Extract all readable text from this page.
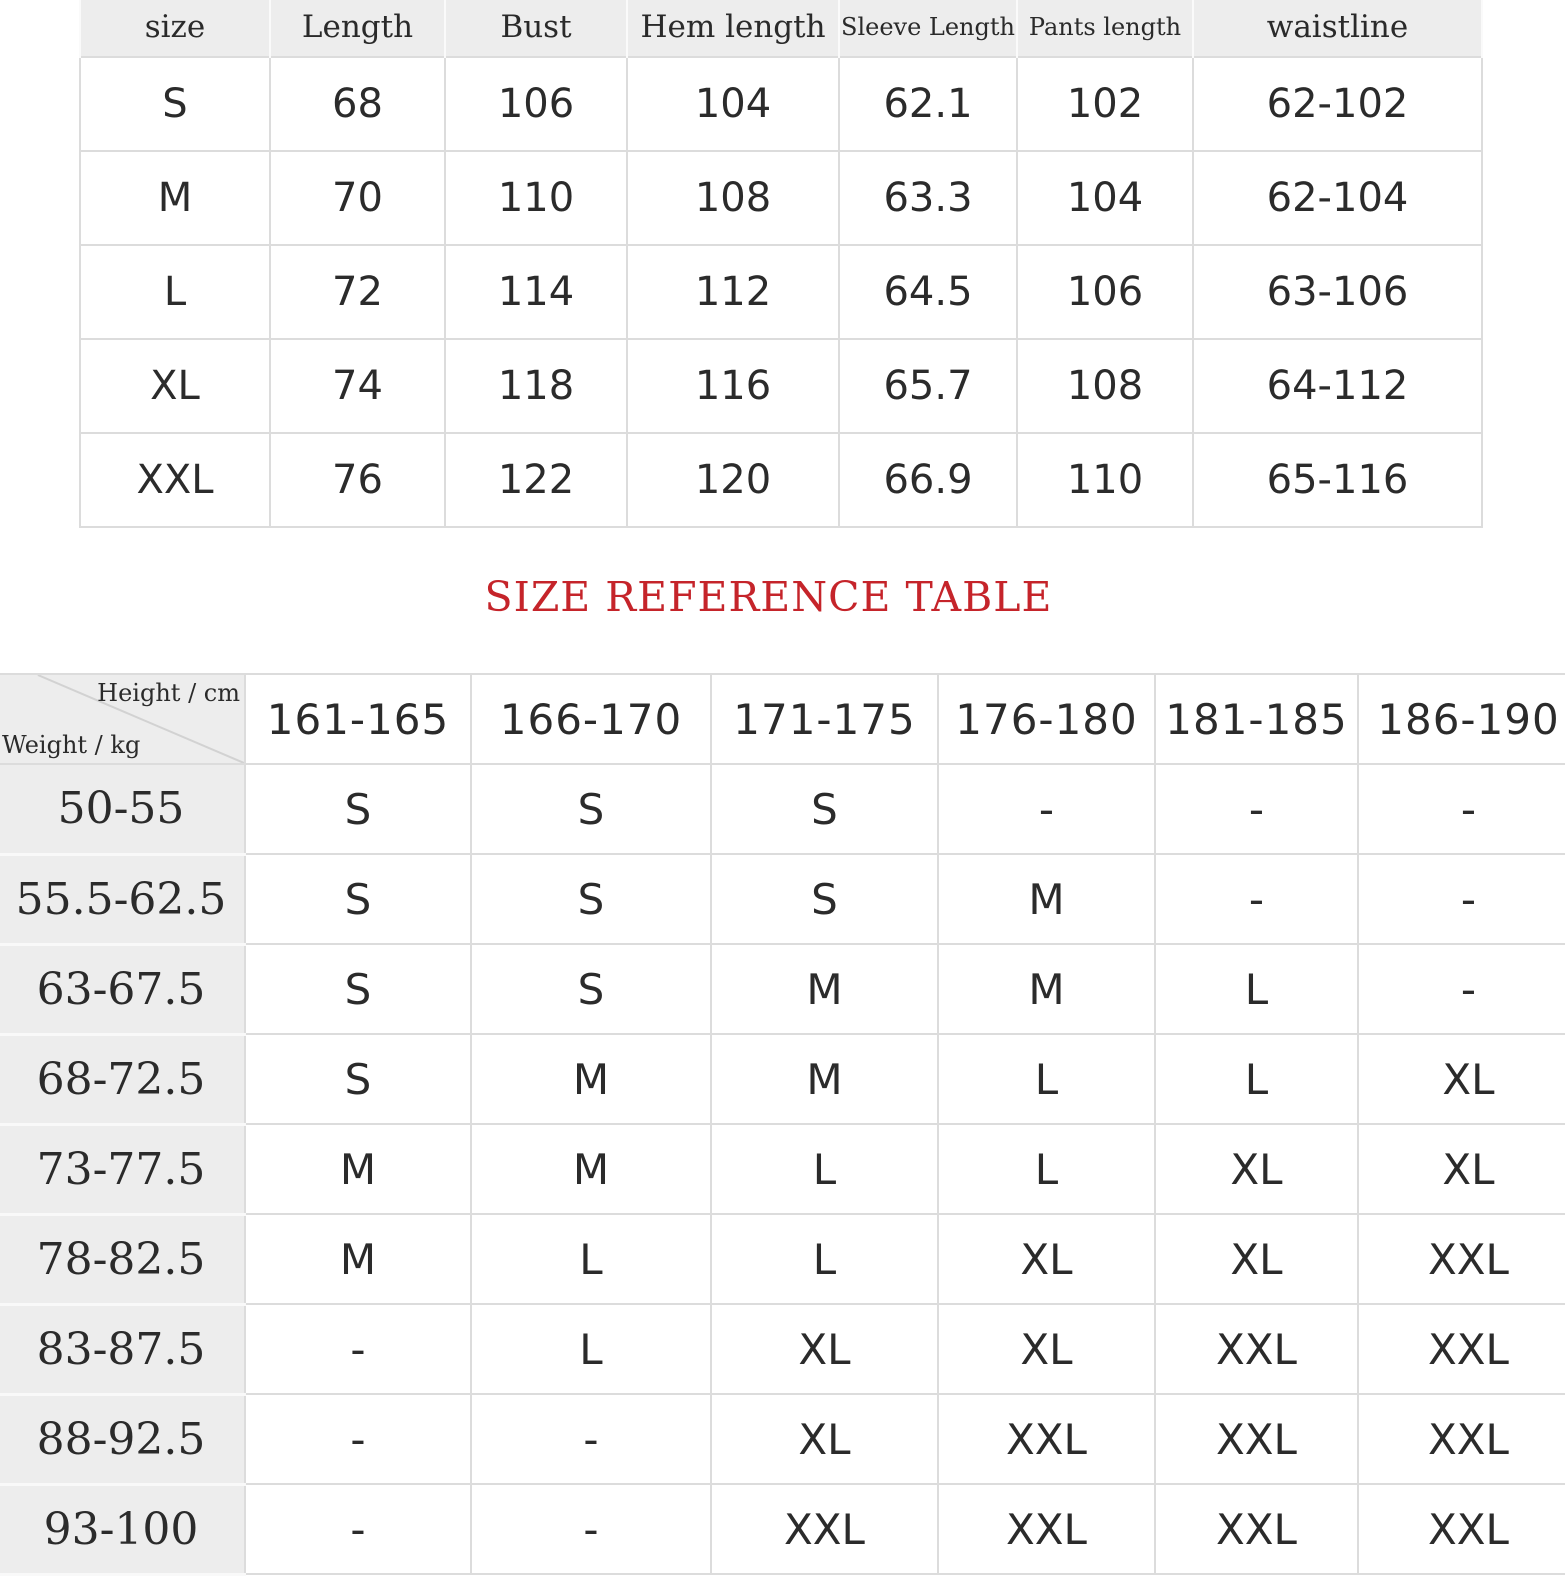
size	Length	Bust	Hem length	Sleeve Length	Pants length	waistline
S	68	106	104	62.1	102	62-102
M	70	110	108	63.3	104	62-104
L	72	114	112	64.5	106	63-106
XL	74	118	116	65.7	108	64-112
XXL	76	122	120	66.9	110	65-116
SIZE REFERENCE TABLE
Height / cm
Weight / kg	161-165	166-170	171-175	176-180	181-185	186-190
50-55	S	S	S	-	-	-
55.5-62.5	S	S	S	M	-	-
63-67.5	S	S	M	M	L	-
68-72.5	S	M	M	L	L	XL
73-77.5	M	M	L	L	XL	XL
78-82.5	M	L	L	XL	XL	XXL
83-87.5	-	L	XL	XL	XXL	XXL
88-92.5	-	-	XL	XXL	XXL	XXL
93-100	-	-	XXL	XXL	XXL	XXL
